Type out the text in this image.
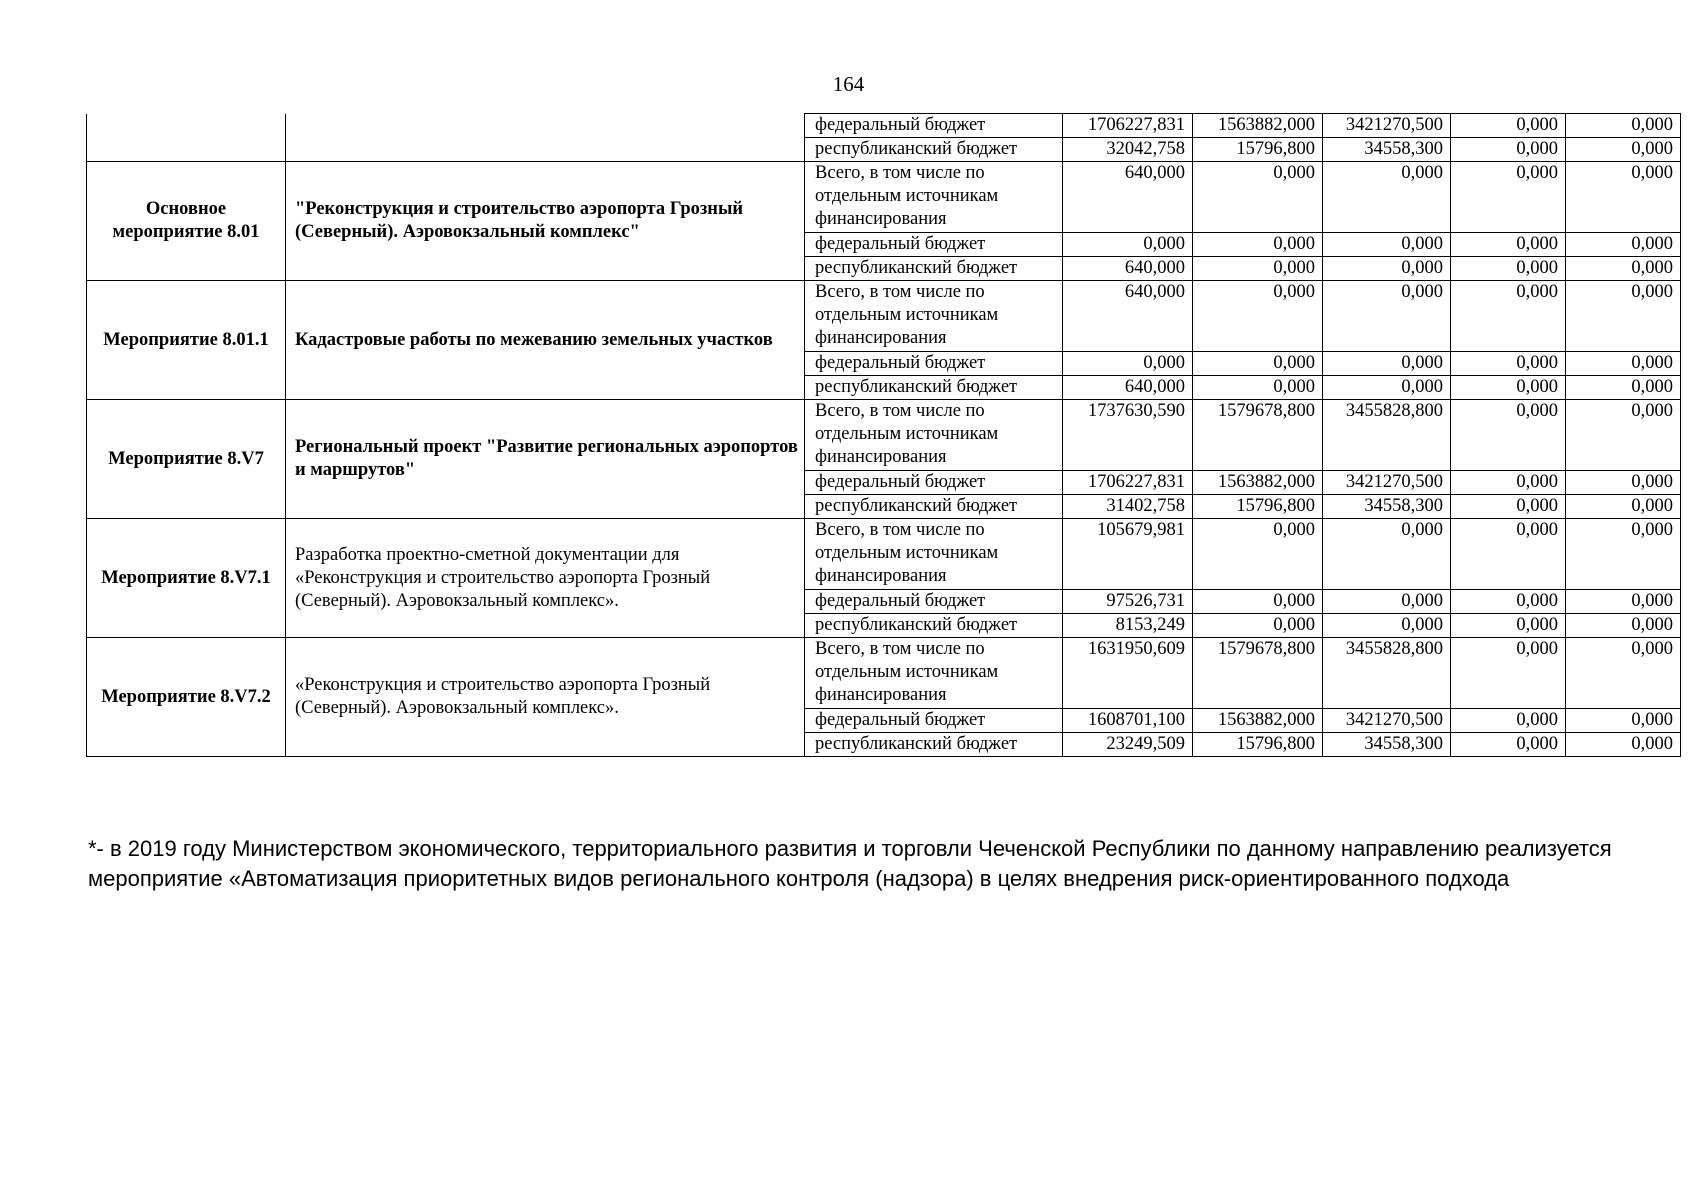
164
		федеральный бюджет	1706227,831	1563882,000	3421270,500	0,000	0,000
		республиканский бюджет	32042,758	15796,800	34558,300	0,000	0,000
Основное мероприятие 8.01	"Реконструкция и строительство аэропорта Грозный (Северный). Аэровокзальный комплекс"	Всего, в том числе по отдельным источникам финансирования	640,000	0,000	0,000	0,000	0,000
		федеральный бюджет	0,000	0,000	0,000	0,000	0,000
		республиканский бюджет	640,000	0,000	0,000	0,000	0,000
Мероприятие 8.01.1	Кадастровые работы по межеванию земельных участков	Всего, в том числе по отдельным источникам финансирования	640,000	0,000	0,000	0,000	0,000
		федеральный бюджет	0,000	0,000	0,000	0,000	0,000
		республиканский бюджет	640,000	0,000	0,000	0,000	0,000
Мероприятие 8.V7	Региональный проект "Развитие региональных аэропортов и маршрутов"	Всего, в том числе по отдельным источникам финансирования	1737630,590	1579678,800	3455828,800	0,000	0,000
		федеральный бюджет	1706227,831	1563882,000	3421270,500	0,000	0,000
		республиканский бюджет	31402,758	15796,800	34558,300	0,000	0,000
Мероприятие 8.V7.1	Разработка проектно-сметной документации для «Реконструкция и строительство аэропорта Грозный (Северный). Аэровокзальный комплекс».	Всего, в том числе по отдельным источникам финансирования	105679,981	0,000	0,000	0,000	0,000
		федеральный бюджет	97526,731	0,000	0,000	0,000	0,000
		республиканский бюджет	8153,249	0,000	0,000	0,000	0,000
Мероприятие 8.V7.2	«Реконструкция и строительство аэропорта Грозный (Северный). Аэровокзальный комплекс».	Всего, в том числе по отдельным источникам финансирования	1631950,609	1579678,800	3455828,800	0,000	0,000
		федеральный бюджет	1608701,100	1563882,000	3421270,500	0,000	0,000
		республиканский бюджет	23249,509	15796,800	34558,300	0,000	0,000
*- в 2019 году Министерством экономического, территориального развития и торговли Чеченской Республики по данному направлению реализуется мероприятие «Автоматизация приоритетных видов регионального контроля (надзора) в целях внедрения риск-ориентированного подхода
